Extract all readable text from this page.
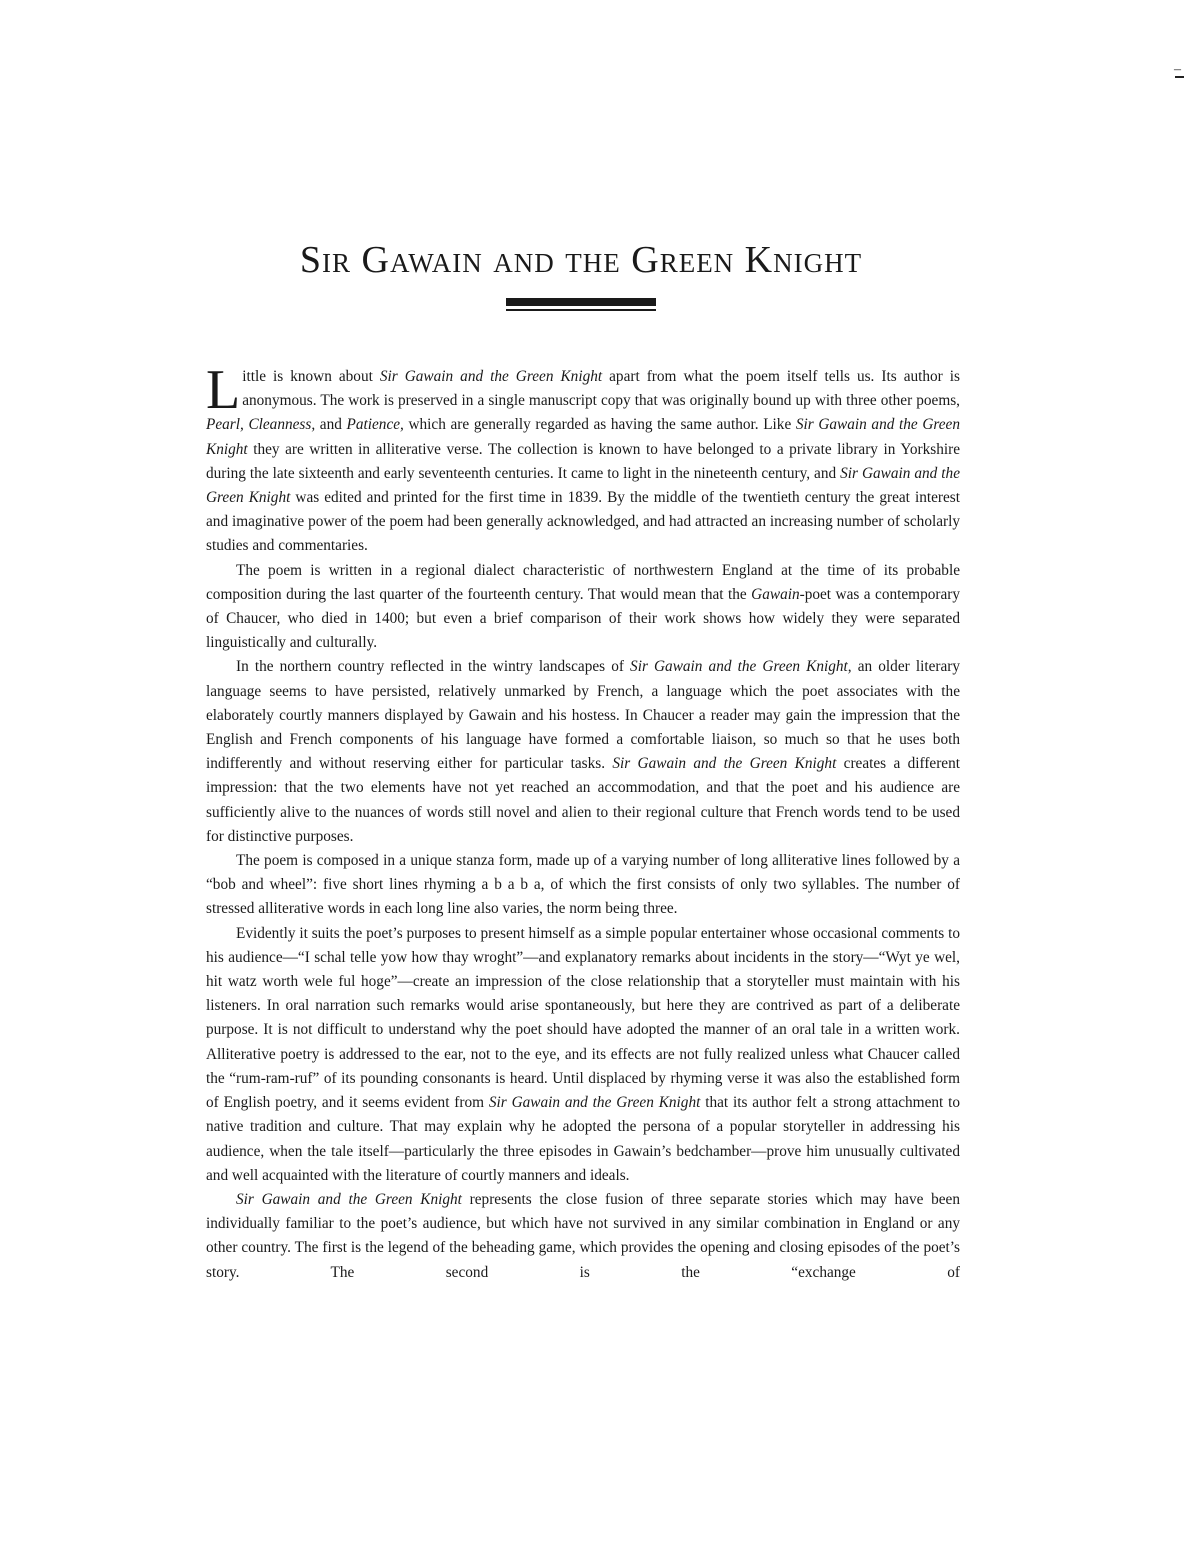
–
Sir Gawain and the Green Knight

Little is known about Sir Gawain and the Green Knight apart from what the poem itself tells us. Its author is anonymous. The work is preserved in a single manuscript copy that was originally bound up with three other poems, Pearl, Cleanness, and Patience, which are generally regarded as having the same author. Like Sir Gawain and the Green Knight they are written in alliterative verse. The collection is known to have belonged to a private library in Yorkshire during the late sixteenth and early seventeenth centuries. It came to light in the nineteenth century, and Sir Gawain and the Green Knight was edited and printed for the first time in 1839. By the middle of the twentieth century the great interest and imaginative power of the poem had been generally acknowledged, and had attracted an increasing number of scholarly studies and commentaries.

The poem is written in a regional dialect characteristic of northwestern England at the time of its probable composition during the last quarter of the fourteenth century. That would mean that the Gawain-poet was a contemporary of Chaucer, who died in 1400; but even a brief comparison of their work shows how widely they were separated linguistically and culturally.

In the northern country reflected in the wintry landscapes of Sir Gawain and the Green Knight, an older literary language seems to have persisted, relatively unmarked by French, a language which the poet associates with the elaborately courtly manners displayed by Gawain and his hostess. In Chaucer a reader may gain the impression that the English and French components of his language have formed a comfortable liaison, so much so that he uses both indifferently and without reserving either for particular tasks. Sir Gawain and the Green Knight creates a different impression: that the two elements have not yet reached an accommodation, and that the poet and his audience are sufficiently alive to the nuances of words still novel and alien to their regional culture that French words tend to be used for distinctive purposes.

The poem is composed in a unique stanza form, made up of a varying number of long alliterative lines followed by a “bob and wheel”: five short lines rhyming a b a b a, of which the first consists of only two syllables. The number of stressed alliterative words in each long line also varies, the norm being three.

Evidently it suits the poet’s purposes to present himself as a simple popular entertainer whose occasional comments to his audience—“I schal telle yow how thay wroght”—and explanatory remarks about incidents in the story—“Wyt ye wel, hit watz worth wele ful hoge”—create an impression of the close relationship that a storyteller must maintain with his listeners. In oral narration such remarks would arise spontaneously, but here they are contrived as part of a deliberate purpose. It is not difficult to understand why the poet should have adopted the manner of an oral tale in a written work. Alliterative poetry is addressed to the ear, not to the eye, and its effects are not fully realized unless what Chaucer called the “rum-ram-ruf” of its pounding consonants is heard. Until displaced by rhyming verse it was also the established form of English poetry, and it seems evident from Sir Gawain and the Green Knight that its author felt a strong attachment to native tradition and culture. That may explain why he adopted the persona of a popular storyteller in addressing his audience, when the tale itself—particularly the three episodes in Gawain’s bedchamber—prove him unusually cultivated and well acquainted with the literature of courtly manners and ideals.

Sir Gawain and the Green Knight represents the close fusion of three separate stories which may have been individually familiar to the poet’s audience, but which have not survived in any similar combination in England or any other country. The first is the legend of the beheading game, which provides the opening and closing episodes of the poet’s story. The second is the “exchange of
